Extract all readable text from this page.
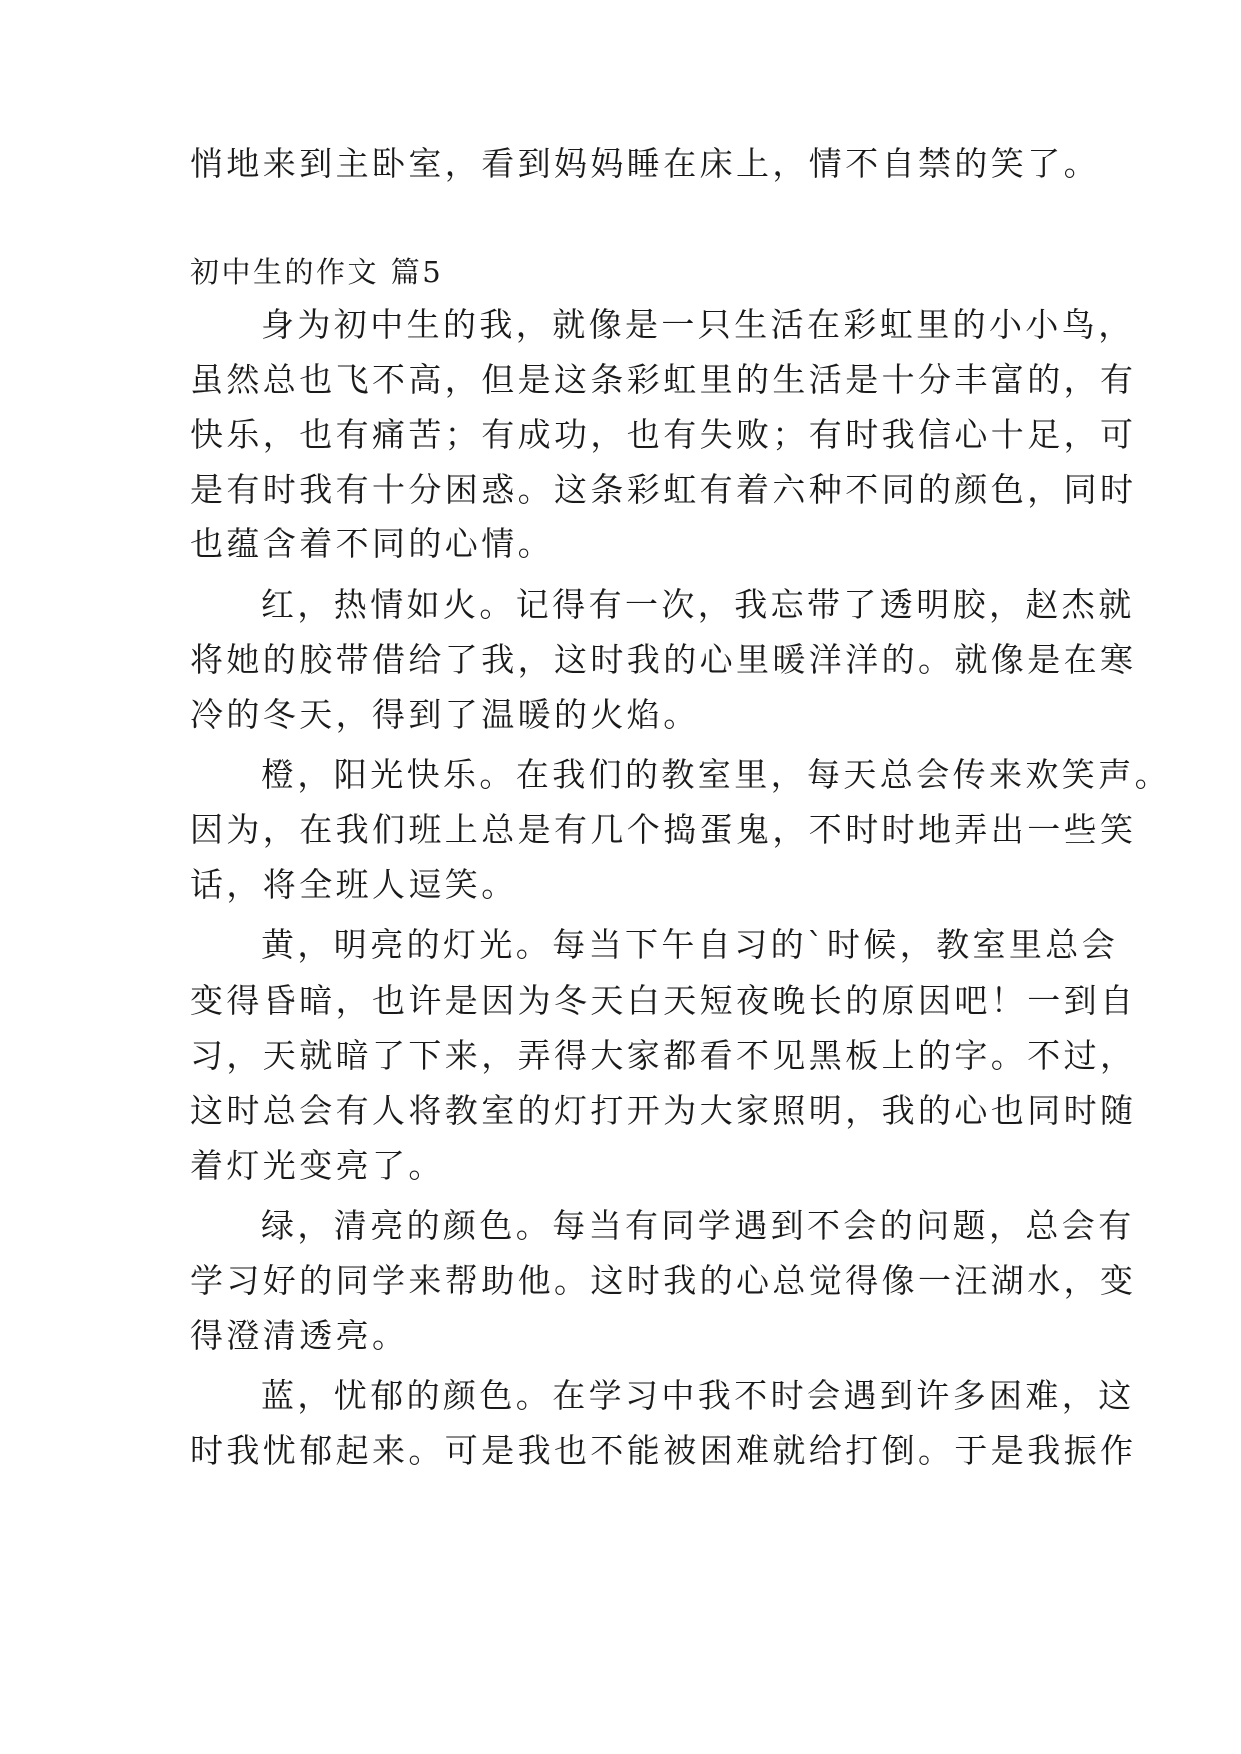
悄地来到主卧室，看到妈妈睡在床上，情不自禁的笑了。
初中生的作文 篇5
身为初中生的我，就像是一只生活在彩虹里的小小鸟，
虽然总也飞不高，但是这条彩虹里的生活是十分丰富的，有
快乐，也有痛苦；有成功，也有失败；有时我信心十足，可
是有时我有十分困惑。这条彩虹有着六种不同的颜色，同时
也蕴含着不同的心情。
红，热情如火。记得有一次，我忘带了透明胶，赵杰就
将她的胶带借给了我，这时我的心里暖洋洋的。就像是在寒
冷的冬天，得到了温暖的火焰。
橙，阳光快乐。在我们的教室里，每天总会传来欢笑声。
因为，在我们班上总是有几个捣蛋鬼，不时时地弄出一些笑
话，将全班人逗笑。
黄，明亮的灯光。每当下午自习的`时候，教室里总会
变得昏暗，也许是因为冬天白天短夜晚长的原因吧！一到自
习，天就暗了下来，弄得大家都看不见黑板上的字。不过，
这时总会有人将教室的灯打开为大家照明，我的心也同时随
着灯光变亮了。
绿，清亮的颜色。每当有同学遇到不会的问题，总会有
学习好的同学来帮助他。这时我的心总觉得像一汪湖水，变
得澄清透亮。
蓝，忧郁的颜色。在学习中我不时会遇到许多困难，这
时我忧郁起来。可是我也不能被困难就给打倒。于是我振作
